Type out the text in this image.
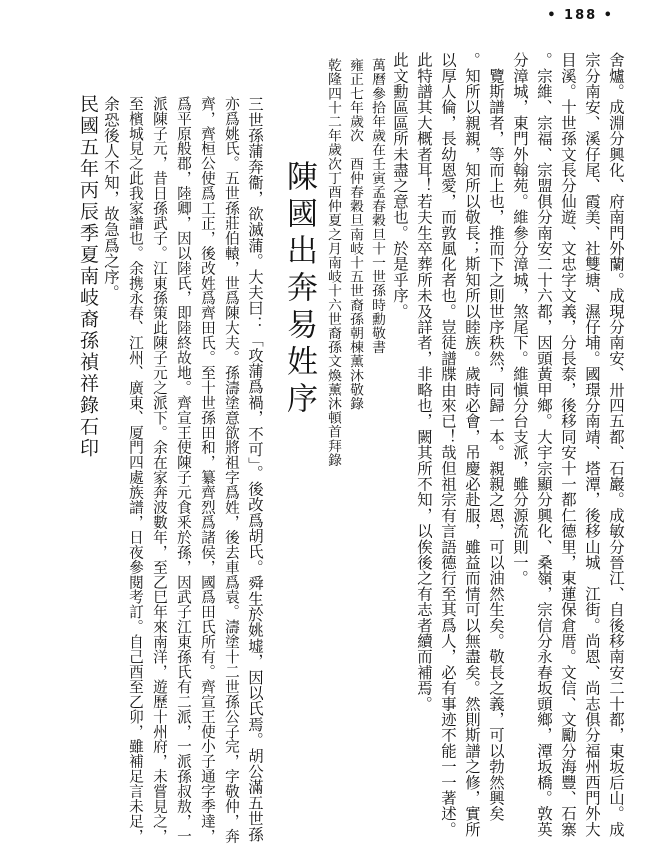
• 188 •
舍爐。成淵分興化、府南門外蘭。成現分南安、卅四五都、石巖。成敏分晉江、自後移南安二十都，東坂后山。成
宗分南安、溪仔尾、霞美、社雙塘、濕仔埔。國璟分南靖、塔潭，後移山城　江街。尚恩、尚志俱分福州西門外大
目溪。十世孫文長分仙遊、文忠字文義，分長泰，後移同安十一都仁德里，東蓮保倉厝。文信、文勵分海豐、石寨
。宗維、宗福、宗盟俱分南安二十六都，因頭黃甲鄉。大宇宗顯分興化、桑嶺，宗信分永春坂頭鄉，潭坂橋。敦英
分漳城，東門外翰苑。維參分漳城，煞尾下。維愼分台支派，雖分源流則一。
　覽斯譜者，等而上也，推而下之則世序秩然，同歸一本。親親之恩，可以油然生矣。敬長之義，可以勃然興矣
。知所以親親，知所以敬長；斯知所以睦族。歲時必會，吊慶必赴服，雖益而情可以無盡矣。然則斯譜之修，實所
以厚人倫，長幼恩愛，而敦風化者也。豈徒譜牒由來已！哉但祖宗有言語德行至其爲人，必有事迹不能一一著述。
此特譜其大概者耳！若夫生卒葬所未及詳者，非略也，闕其所不知，以俟後之有志者續而補焉。
此文勳區區所未盡之意也。於是乎序。
萬曆參拾年歲在壬寅孟春穀旦十一世孫時勳敬書
雍正七年歲次　酉仲春穀旦南岐十五世裔孫朝棟薰沐敬錄
乾隆四十二年歲次丁酉仲夏之月南岐十六世裔孫文煥薰沐頓首拜錄
陳國出奔易姓序
三世孫蒲奔衞，欲滅蒲。大夫曰：「攻蒲爲禍，不可」。後改爲胡氏。舜生於姚墟，因以氏焉。胡公滿五世孫
亦爲姚氏。五世孫莊伯轅，世爲陳大夫。孫濤塗意欲將祖字爲姓，後去車爲袁。濤塗十二世孫公子完，字敬仲，奔
齊，齊桓公使爲工正，後改姓爲齊田氏。至十世孫田和，纂齊烈爲諸侯，國爲田氏所有。齊宣王使小子通字季達，
爲平原般郡，陸卿，因以陸氏，即陸終故地。齊宣王使陳子元食釆於孫，因武子江東孫氏有二派，一派孫叔敖，一
派陳子元，昔日孫武子。江東孫策此陳子元之派下。余在家奔波數年，至乙巳年來南洋，遊歷十州府，未嘗見之，
至檳城見之此我家譜也。余携永春、江州、廣東、厦門四處族譜，日夜參閱考訂。自己酉至乙卯，雖補足言未足，
余恐後人不知，故急爲之序。
民國五年丙辰季夏南岐裔孫禎祥錄石印
